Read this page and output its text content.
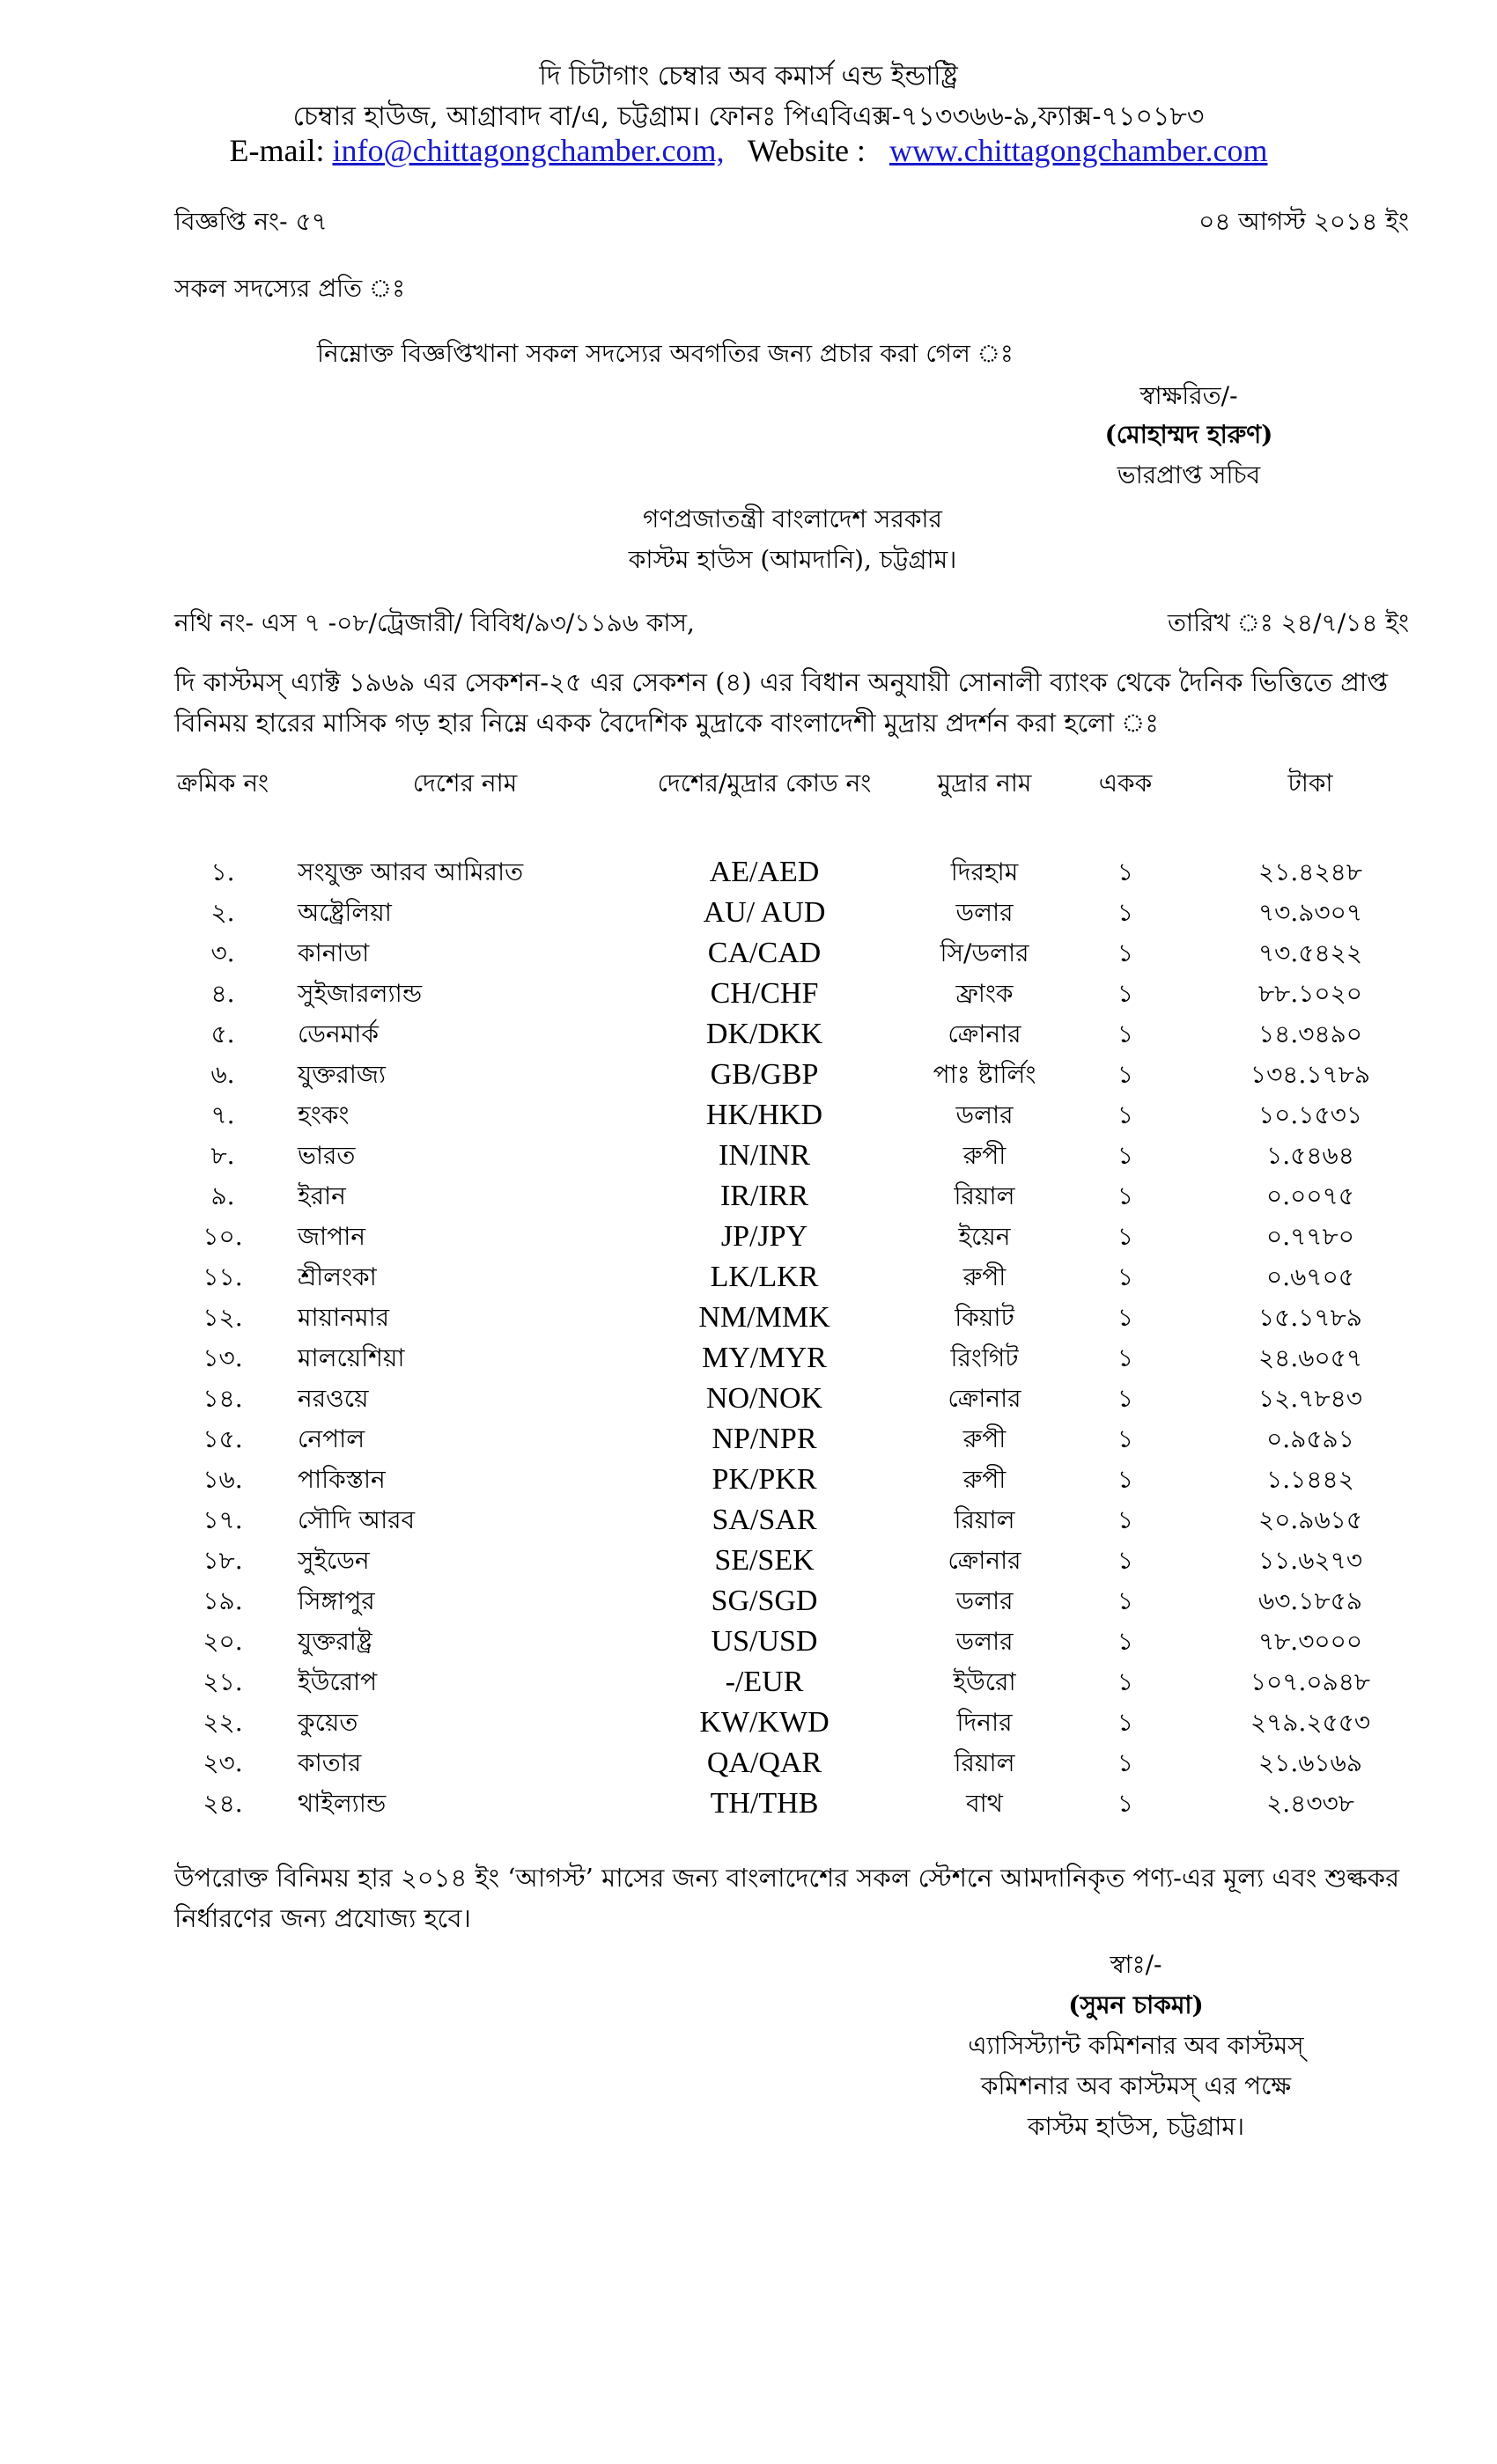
দি চিটাগাং চেম্বার অব কমার্স এন্ড ইন্ডাষ্ট্রি
চেম্বার হাউজ, আগ্রাবাদ বা/এ, চট্টগ্রাম। ফোনঃ পিএবিএক্স-৭১৩৩৬৬-৯,ফ্যাক্স-৭১০১৮৩
E-mail: info@chittagongchamber.com, Website : www.chittagongchamber.com
বিজ্ঞপ্তি নং- ৫৭	০৪ আগস্ট ২০১৪ ইং
সকল সদস্যের প্রতি ঃ
নিম্নোক্ত বিজ্ঞপ্তিখানা সকল সদস্যের অবগতির জন্য প্রচার করা গেল ঃ
স্বাক্ষরিত/-
(মোহাম্মদ হারুণ)
ভারপ্রাপ্ত সচিব
গণপ্রজাতন্ত্রী বাংলাদেশ সরকার
কাস্টম হাউস (আমদানি), চট্টগ্রাম।
নথি নং- এস ৭ -০৮/ট্রেজারী/ বিবিধ/৯৩/১১৯৬ কাস,	তারিখ ঃ ২৪/৭/১৪ ইং
দি কাস্টমস্ এ্যাক্ট ১৯৬৯ এর সেকশন-২৫ এর সেকশন (৪) এর বিধান অনুযায়ী সোনালী ব্যাংক থেকে দৈনিক ভিত্তিতে প্রাপ্ত বিনিময় হারের মাসিক গড় হার নিম্নে একক বৈদেশিক মুদ্রাকে বাংলাদেশী মুদ্রায় প্রদর্শন করা হলো ঃ
ক্রমিক নং	দেশের নাম	দেশের/মুদ্রার কোড নং	মুদ্রার নাম	একক	টাকা
১.	সংযুক্ত আরব আমিরাত	AE/AED	দিরহাম	১	২১.৪২৪৮
২.	অষ্ট্রেলিয়া	AU/ AUD	ডলার	১	৭৩.৯৩০৭
৩.	কানাডা	CA/CAD	সি/ডলার	১	৭৩.৫৪২২
৪.	সুইজারল্যান্ড	CH/CHF	ফ্রাংক	১	৮৮.১০২০
৫.	ডেনমার্ক	DK/DKK	ক্রোনার	১	১৪.৩৪৯০
৬.	যুক্তরাজ্য	GB/GBP	পাঃ ষ্টার্লিং	১	১৩৪.১৭৮৯
৭.	হংকং	HK/HKD	ডলার	১	১০.১৫৩১
৮.	ভারত	IN/INR	রুপী	১	১.৫৪৬৪
৯.	ইরান	IR/IRR	রিয়াল	১	০.০০৭৫
১০.	জাপান	JP/JPY	ইয়েন	১	০.৭৭৮০
১১.	শ্রীলংকা	LK/LKR	রুপী	১	০.৬৭০৫
১২.	মায়ানমার	NM/MMK	কিয়াট	১	১৫.১৭৮৯
১৩.	মালয়েশিয়া	MY/MYR	রিংগিট	১	২৪.৬০৫৭
১৪.	নরওয়ে	NO/NOK	ক্রোনার	১	১২.৭৮৪৩
১৫.	নেপাল	NP/NPR	রুপী	১	০.৯৫৯১
১৬.	পাকিস্তান	PK/PKR	রুপী	১	১.১৪৪২
১৭.	সৌদি আরব	SA/SAR	রিয়াল	১	২০.৯৬১৫
১৮.	সুইডেন	SE/SEK	ক্রোনার	১	১১.৬২৭৩
১৯.	সিঙ্গাপুর	SG/SGD	ডলার	১	৬৩.১৮৫৯
২০.	যুক্তরাষ্ট্র	US/USD	ডলার	১	৭৮.৩০০০
২১.	ইউরোপ	-/EUR	ইউরো	১	১০৭.০৯৪৮
২২.	কুয়েত	KW/KWD	দিনার	১	২৭৯.২৫৫৩
২৩.	কাতার	QA/QAR	রিয়াল	১	২১.৬১৬৯
২৪.	থাইল্যান্ড	TH/THB	বাথ	১	২.৪৩৩৮
উপরোক্ত বিনিময় হার ২০১৪ ইং ‘আগস্ট’ মাসের জন্য বাংলাদেশের সকল স্টেশনে আমদানিকৃত পণ্য-এর মূল্য এবং শুল্ককর নির্ধারণের জন্য প্রযোজ্য হবে।
স্বাঃ/-
(সুমন চাকমা)
এ্যাসিস্ট্যান্ট কমিশনার অব কাস্টমস্
কমিশনার অব কাস্টমস্ এর পক্ষে
কাস্টম হাউস, চট্টগ্রাম।
